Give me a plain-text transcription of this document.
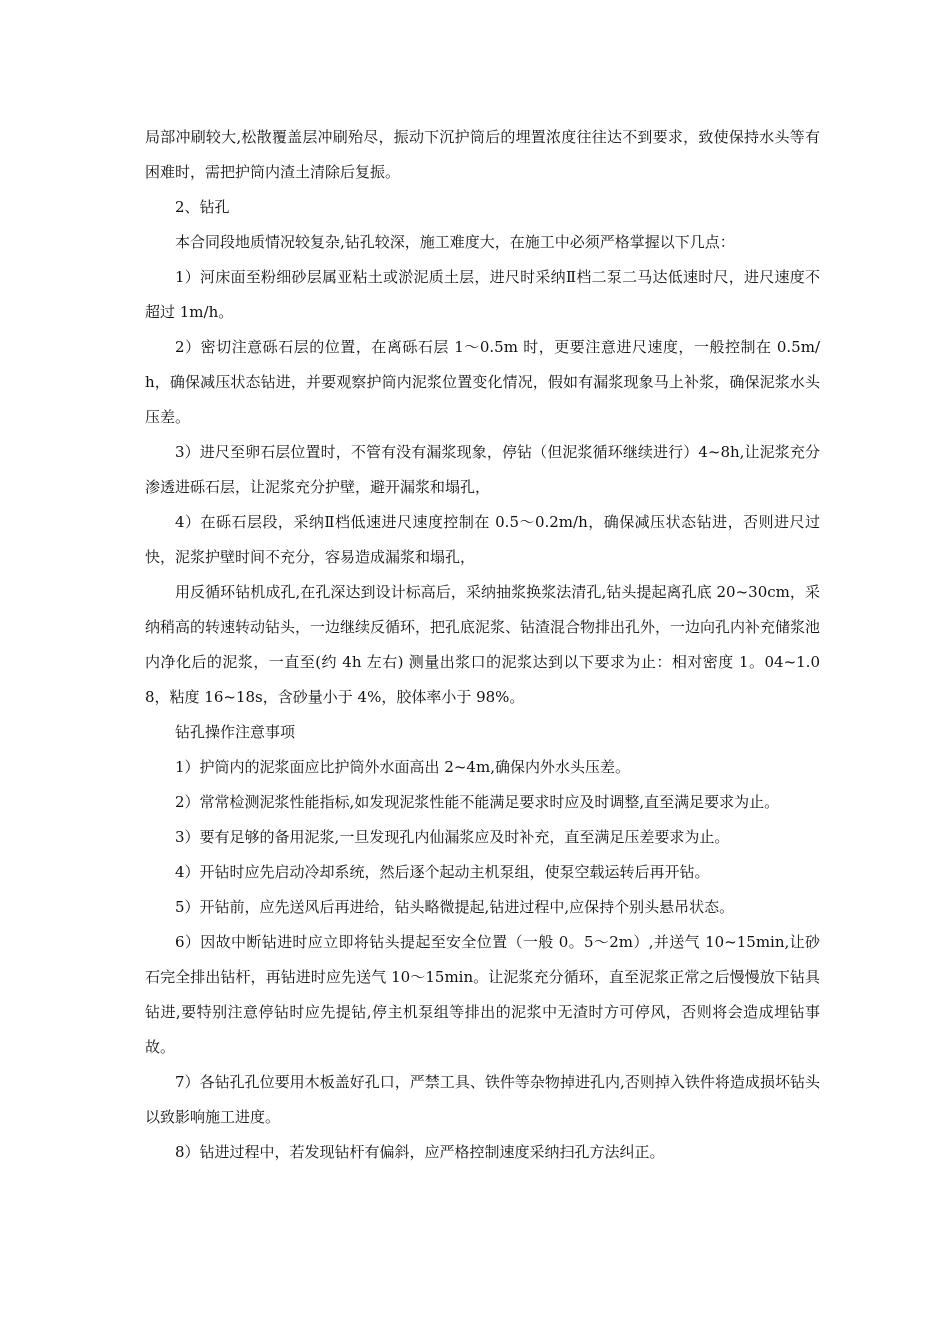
局部冲刷较大,松散覆盖层冲刷殆尽，振动下沉护筒后的埋置浓度往往达不到要求，致使保持水头等有困难时，需把护筒内渣土清除后复振。

2、钻孔

本合同段地质情况较复杂,钻孔较深，施工难度大，在施工中必须严格掌握以下几点：

1）河床面至粉细砂层属亚粘土或淤泥质土层，进尺时采纳Ⅱ档二泵二马达低速时尺，进尺速度不超过 1m/h。

2）密切注意砾石层的位置，在离砾石层 1～0.5m 时，更要注意进尺速度，一般控制在 0.5m/h，确保减压状态钻进，并要观察护筒内泥浆位置变化情况，假如有漏浆现象马上补浆，确保泥浆水头压差。

3）进尺至卵石层位置时，不管有没有漏浆现象，停钻（但泥浆循环继续进行）4~8h,让泥浆充分渗透进砾石层，让泥浆充分护壁，避开漏浆和塌孔，

4）在砾石层段，采纳Ⅱ档低速进尺速度控制在 0.5～0.2m/h，确保减压状态钻进，否则进尺过快，泥浆护壁时间不充分，容易造成漏浆和塌孔，

用反循环钻机成孔,在孔深达到设计标高后，采纳抽浆换浆法清孔,钻头提起离孔底 20~30cm，采纳稍高的转速转动钻头，一边继续反循环，把孔底泥浆、钻渣混合物排出孔外，一边向孔内补充储浆池内净化后的泥浆，一直至(约 4h 左右) 测量出浆口的泥浆达到以下要求为止：相对密度 1。04~1.08，粘度 16~18s，含砂量小于 4%，胶体率小于 98%。

钻孔操作注意事项

1）护筒内的泥浆面应比护筒外水面高出 2~4m,确保内外水头压差。

2）常常检测泥浆性能指标,如发现泥浆性能不能满足要求时应及时调整,直至满足要求为止。

3）要有足够的备用泥浆,一旦发现孔内仙漏浆应及时补充，直至满足压差要求为止。

4）开钻时应先启动冷却系统，然后逐个起动主机泵组，使泵空载运转后再开钻。

5）开钻前，应先送风后再进给，钻头略微提起,钻进过程中,应保持个别头悬吊状态。

6）因故中断钻进时应立即将钻头提起至安全位置（一般 0。5～2m）,并送气 10~15min,让砂石完全排出钻杆，再钻进时应先送气 10～15min。让泥浆充分循环，直至泥浆正常之后慢慢放下钻具钻进,要特别注意停钻时应先提钻,停主机泵组等排出的泥浆中无渣时方可停风，否则将会造成埋钻事故。

7）各钻孔孔位要用木板盖好孔口，严禁工具、铁件等杂物掉进孔内,否则掉入铁件将造成损坏钻头以致影响施工进度。

8）钻进过程中，若发现钻杆有偏斜，应严格控制速度采纳扫孔方法纠正。
